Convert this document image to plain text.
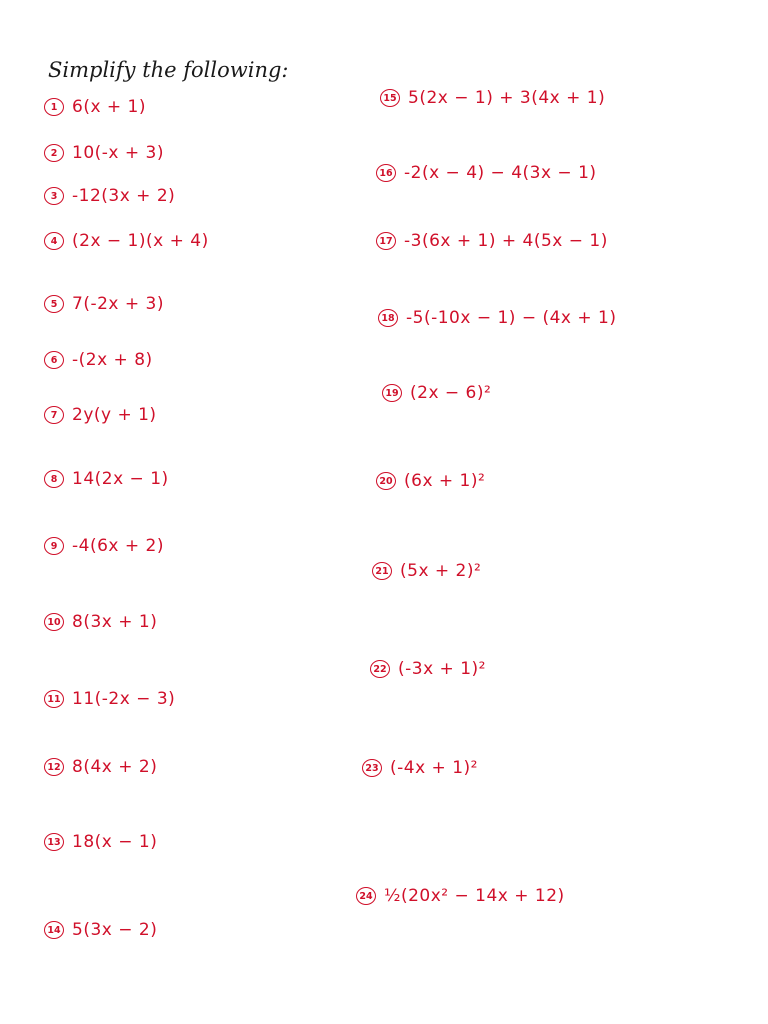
Simplify the following:
1 6(x + 1)
2 10(-x + 3)
3 -12(3x + 2)
4 (2x − 1)(x + 4)
5 7(-2x + 3)
6 -(2x + 8)
7 2y(y + 1)
8 14(2x − 1)
9 -4(6x + 2)
10 8(3x + 1)
11 11(-2x − 3)
12 8(4x + 2)
13 18(x − 1)
14 5(3x − 2)
15 5(2x − 1) + 3(4x + 1)
16 -2(x − 4) − 4(3x − 1)
17 -3(6x + 1) + 4(5x − 1)
18 -5(-10x − 1) − (4x + 1)
19 (2x − 6)²
20 (6x + 1)²
21 (5x + 2)²
22 (-3x + 1)²
23 (-4x + 1)²
24 ½(20x² − 14x + 12)
